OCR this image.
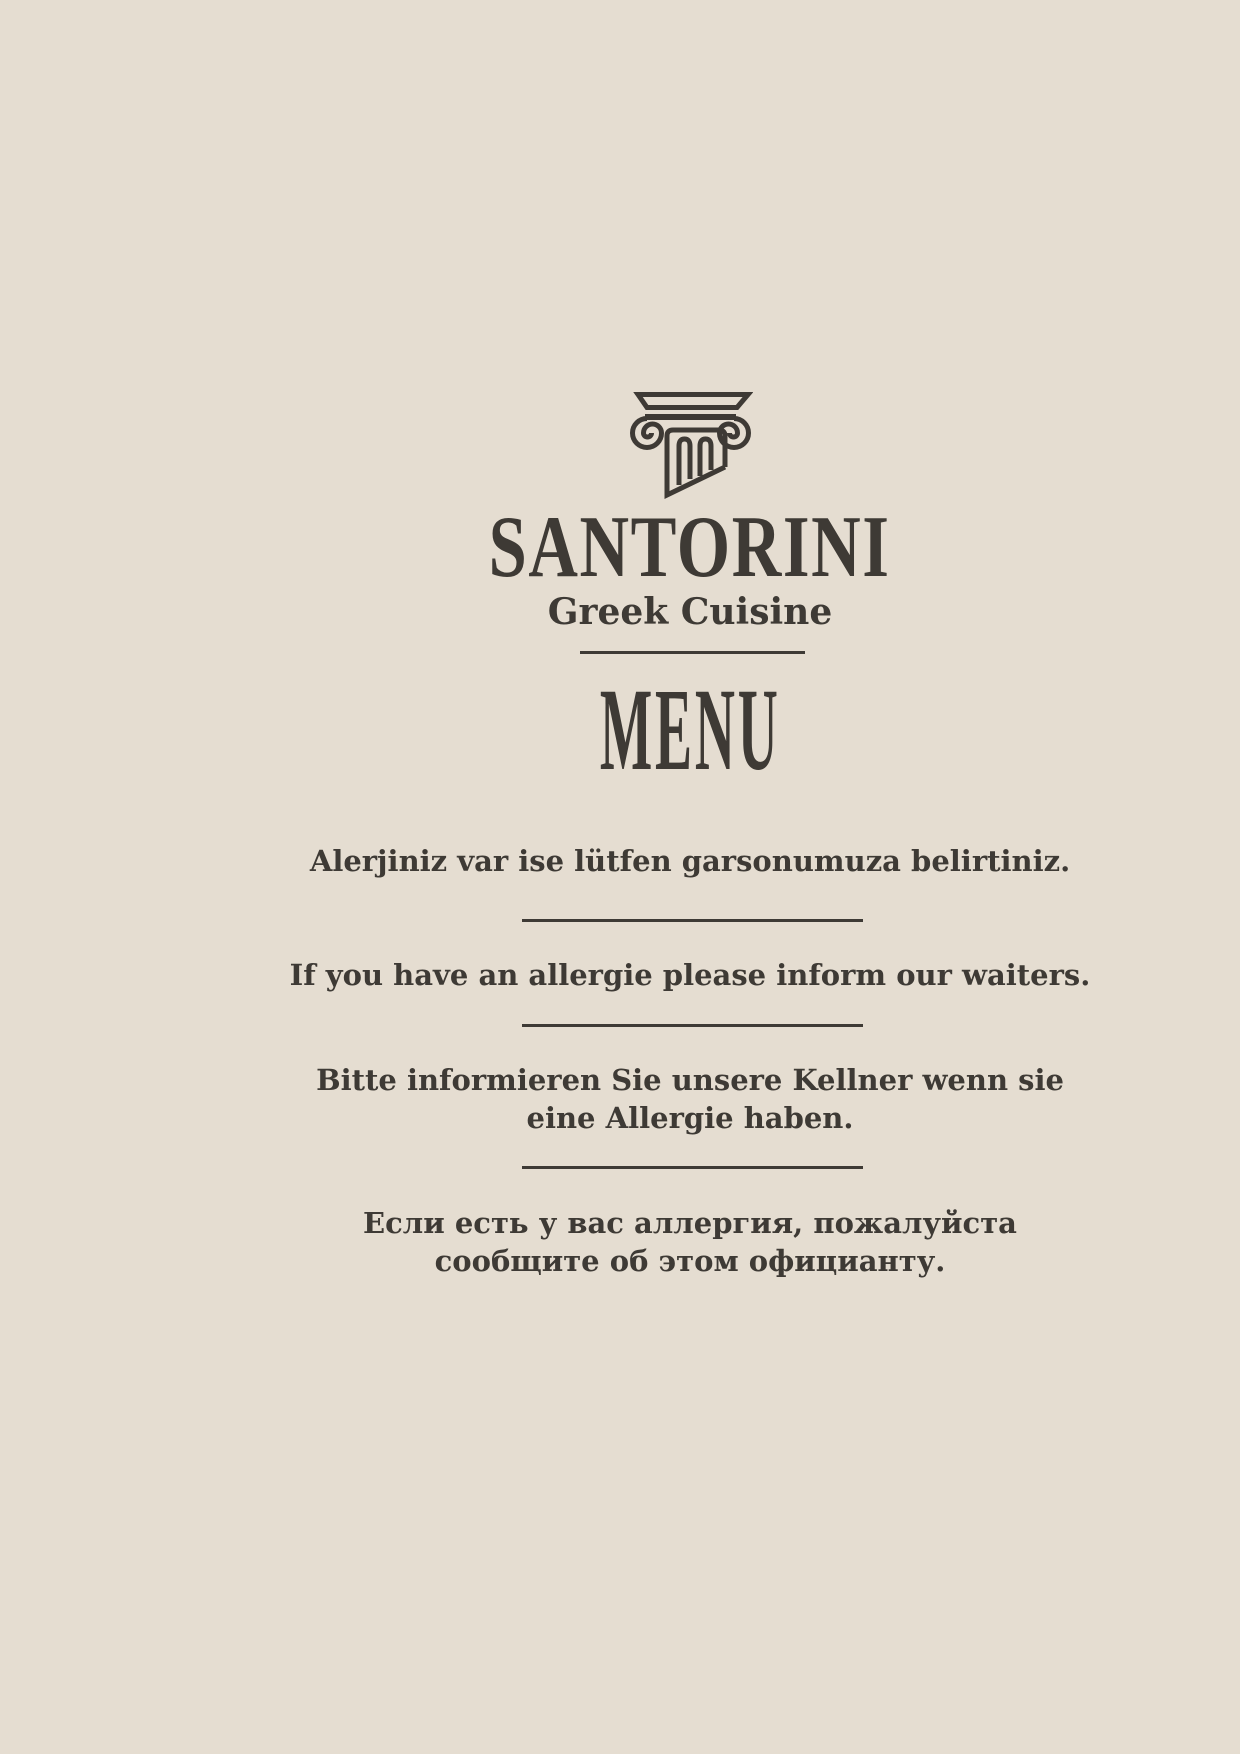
SANTORINI
Greek Cuisine
MENU
Alerjiniz var ise lütfen garsonumuza belirtiniz.
If you have an allergie please inform our waiters.
Bitte informieren Sie unsere Kellner wenn sie
eine Allergie haben.
Если есть у вас аллергия, пожалуйста
сообщите об этом официанту.
